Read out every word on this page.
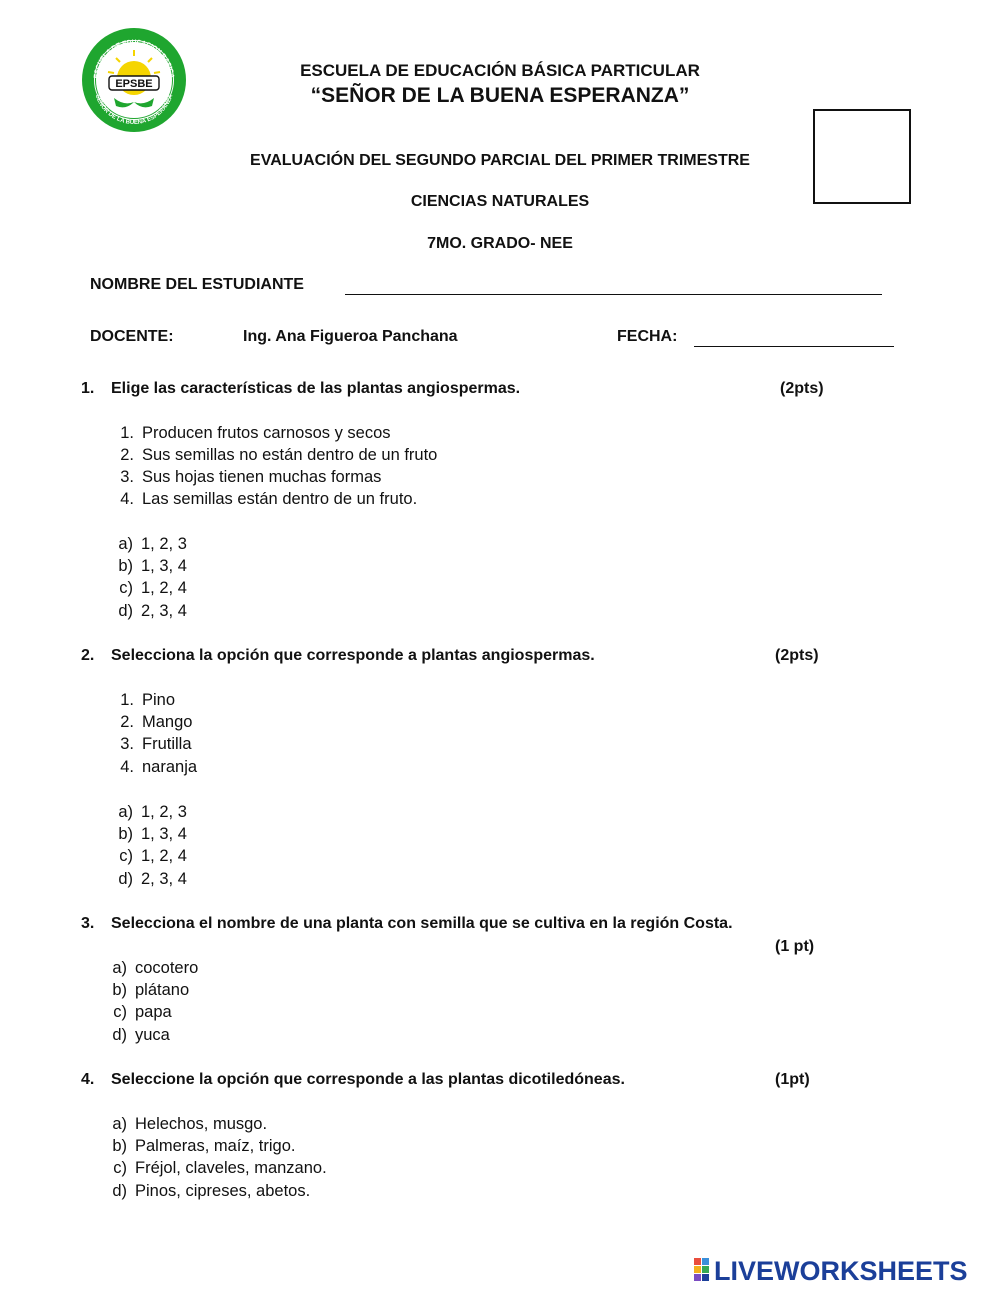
EPSBE
ESCUELA DE EDUCACION BASICA
SEÑOR DE LA BUENA ESPERANZA
ESCUELA DE EDUCACIÓN BÁSICA PARTICULAR
“SEÑOR DE LA BUENA ESPERANZA”
EVALUACIÓN DEL SEGUNDO PARCIAL DEL PRIMER TRIMESTRE
CIENCIAS NATURALES
7MO. GRADO- NEE
NOMBRE DEL ESTUDIANTE
DOCENTE:	Ing. Ana Figueroa Panchana	FECHA:
1.	Elige las características de las plantas angiospermas.	(2pts)
1. Producen frutos carnosos y secos
2. Sus semillas no están dentro de un fruto
3. Sus hojas tienen muchas formas
4. Las semillas están dentro de un fruto.
a) 1, 2, 3
b) 1, 3, 4
c) 1, 2, 4
d) 2, 3, 4
2.	Selecciona la opción que corresponde a plantas angiospermas.	(2pts)
1. Pino
2. Mango
3. Frutilla
4. naranja
a) 1, 2, 3
b) 1, 3, 4
c) 1, 2, 4
d) 2, 3, 4
3.	Selecciona el nombre de una planta con semilla que se cultiva en la región Costa.
(1 pt)
a) cocotero
b) plátano
c) papa
d) yuca
4.	Seleccione la opción que corresponde a las plantas dicotiledóneas.	(1pt)
a) Helechos, musgo.
b) Palmeras, maíz, trigo.
c) Fréjol, claveles, manzano.
d) Pinos, cipreses, abetos.
LIVEWORKSHEETS
